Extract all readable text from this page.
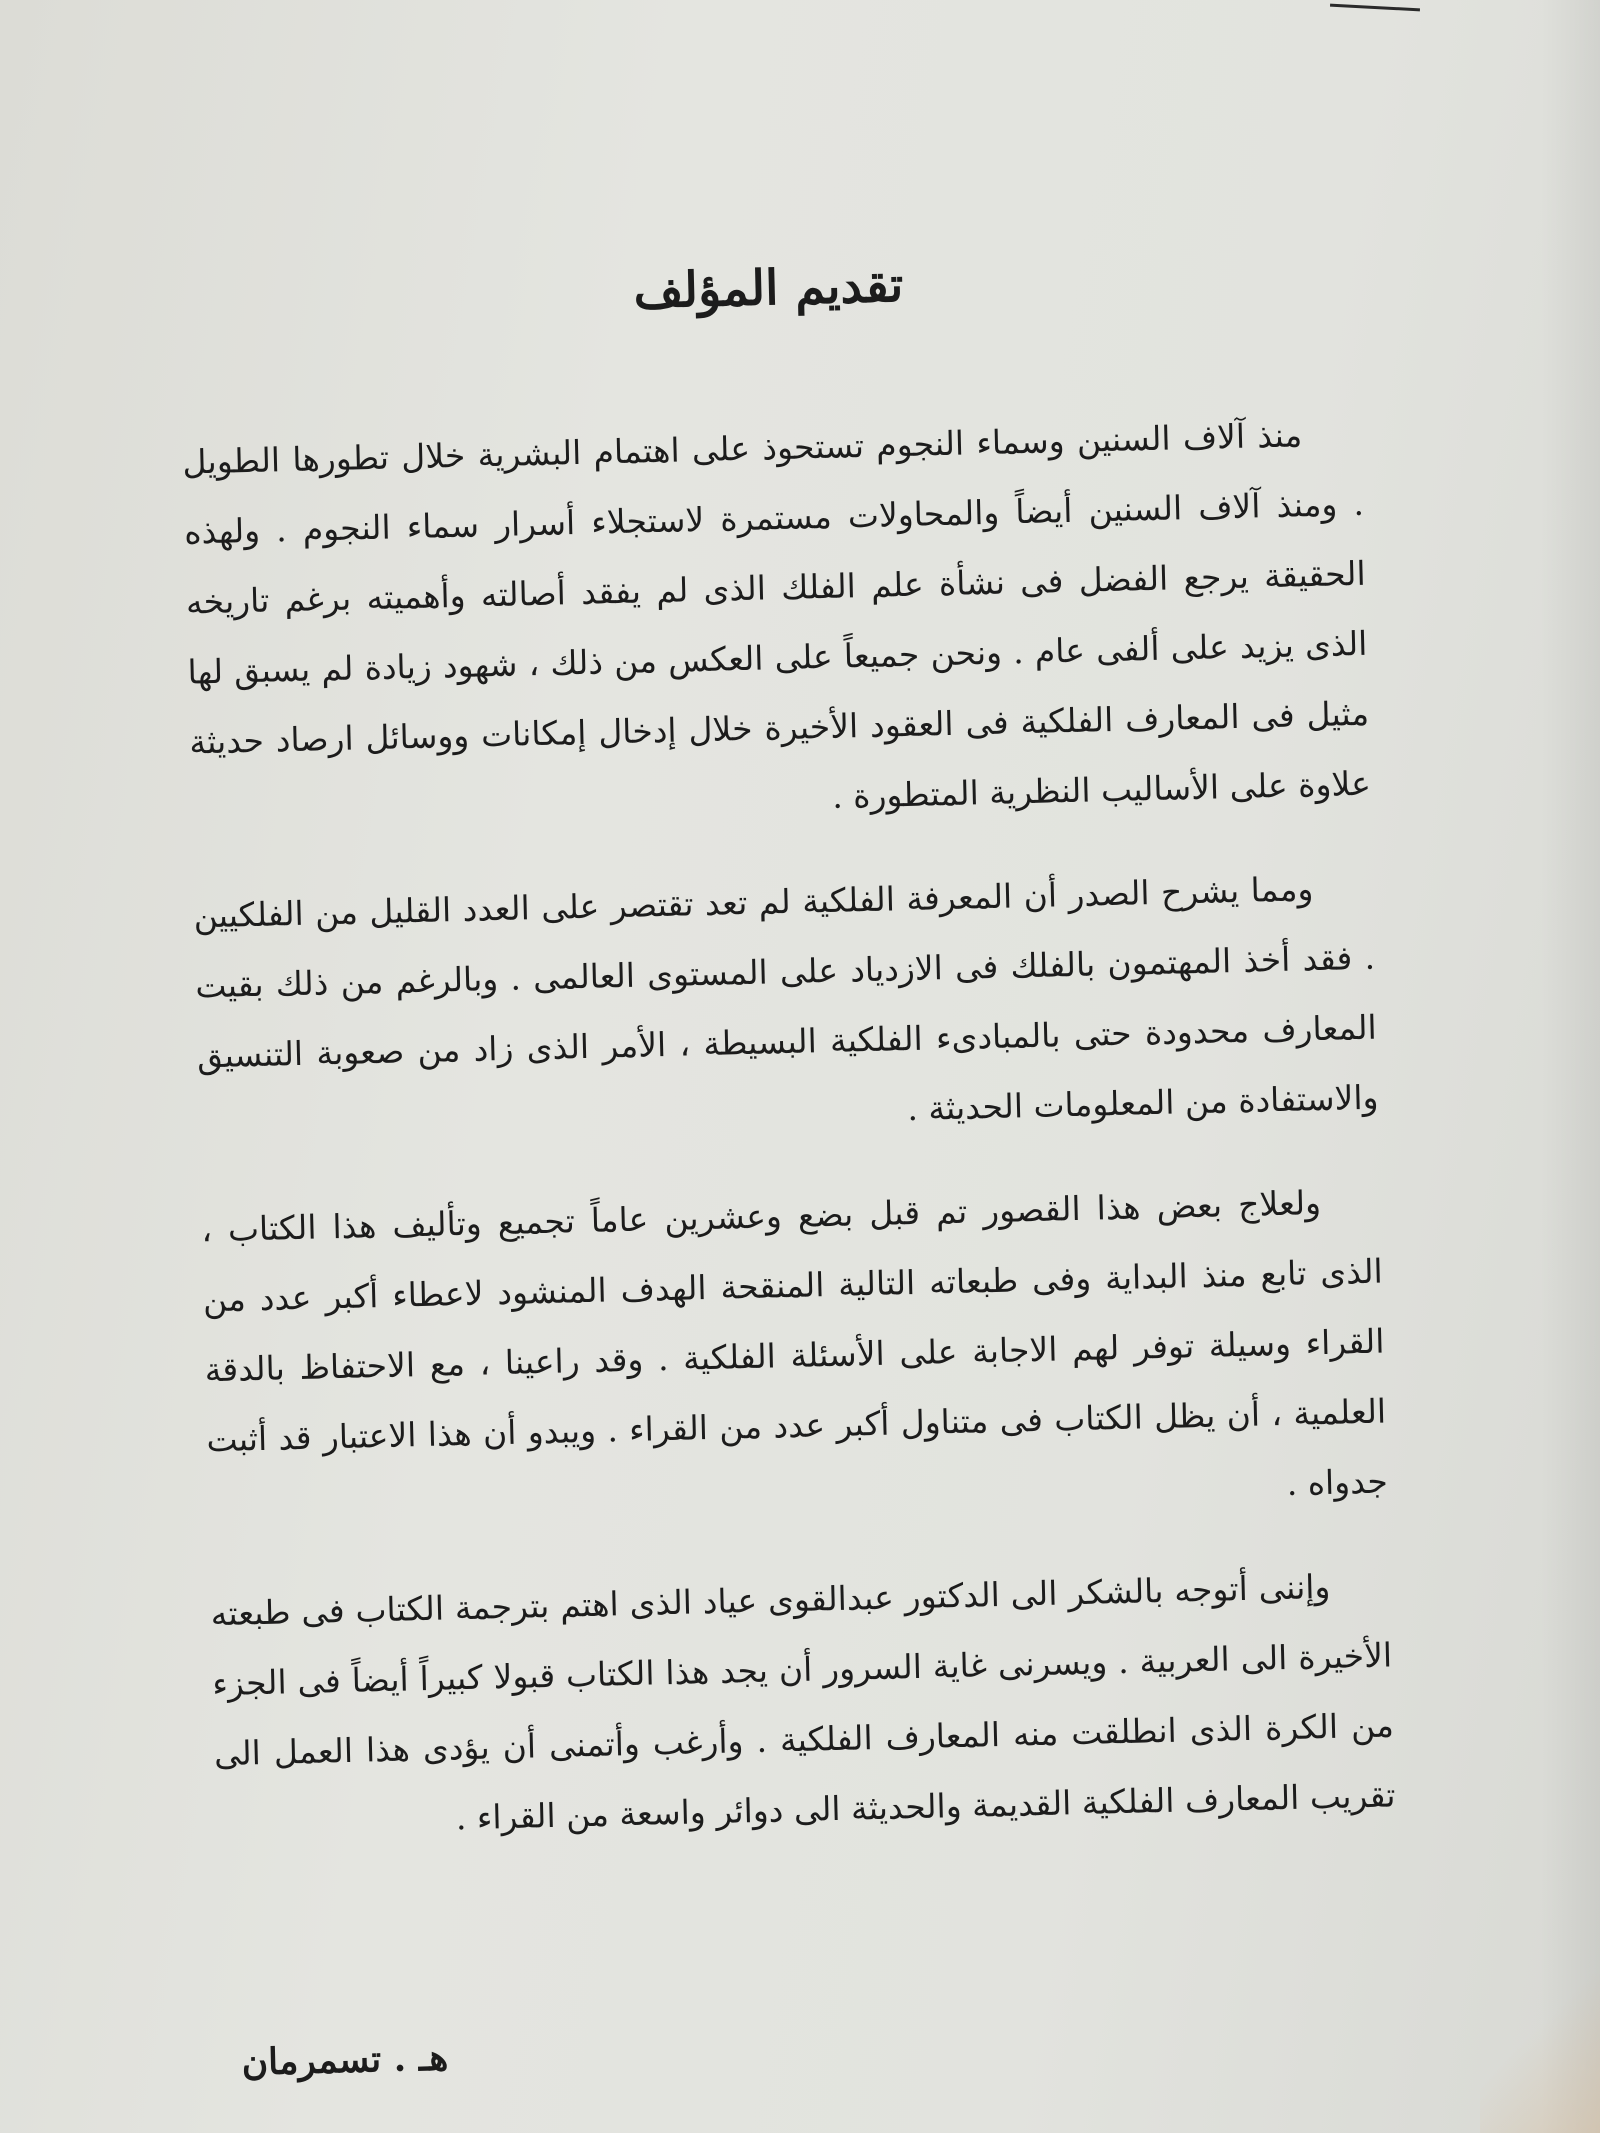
تقديم المؤلف

منذ آلاف السنين وسماء النجوم تستحوذ على اهتمام البشرية خلال تطورها الطويل . ومنذ آلاف السنين أيضاً والمحاولات مستمرة لاستجلاء أسرار سماء النجوم . ولهذه الحقيقة يرجع الفضل فى نشأة علم الفلك الذى لم يفقد أصالته وأهميته برغم تاريخه الذى يزيد على ألفى عام . ونحن جميعاً على العكس من ذلك ، شهود زيادة لم يسبق لها مثيل فى المعارف الفلكية فى العقود الأخيرة خلال إدخال إمكانات ووسائل ارصاد حديثة علاوة على الأساليب النظرية المتطورة .

ومما يشرح الصدر أن المعرفة الفلكية لم تعد تقتصر على العدد القليل من الفلكيين . فقد أخذ المهتمون بالفلك فى الازدياد على المستوى العالمى . وبالرغم من ذلك بقيت المعارف محدودة حتى بالمبادىء الفلكية البسيطة ، الأمر الذى زاد من صعوبة التنسيق والاستفادة من المعلومات الحديثة .

ولعلاج بعض هذا القصور تم قبل بضع وعشرين عاماً تجميع وتأليف هذا الكتاب ، الذى تابع منذ البداية وفى طبعاته التالية المنقحة الهدف المنشود لاعطاء أكبر عدد من القراء وسيلة توفر لهم الاجابة على الأسئلة الفلكية . وقد راعينا ، مع الاحتفاظ بالدقة العلمية ، أن يظل الكتاب فى متناول أكبر عدد من القراء . ويبدو أن هذا الاعتبار قد أثبت جدواه .

وإننى أتوجه بالشكر الى الدكتور عبدالقوى عياد الذى اهتم بترجمة الكتاب فى طبعته الأخيرة الى العربية . ويسرنى غاية السرور أن يجد هذا الكتاب قبولا كبيراً أيضاً فى الجزء من الكرة الذى انطلقت منه المعارف الفلكية . وأرغب وأتمنى أن يؤدى هذا العمل الى تقريب المعارف الفلكية القديمة والحديثة الى دوائر واسعة من القراء .

هـ . تسمرمان
